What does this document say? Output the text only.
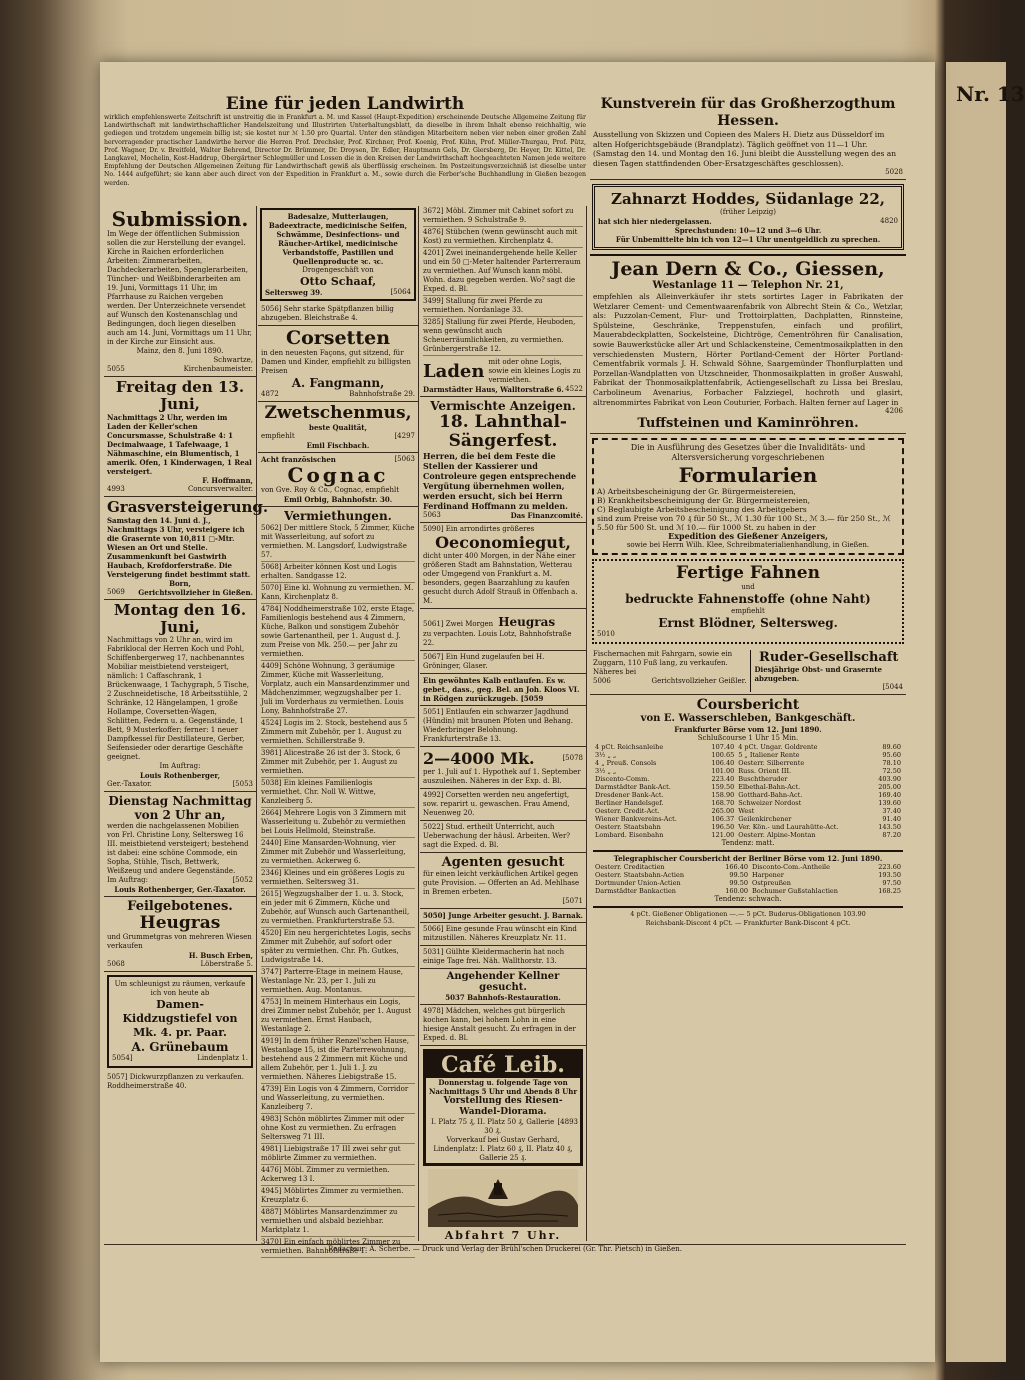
Nr. 13

Eine für jeden Landwirth

wirklich empfehlenswerte Zeitschrift ist unstreitig die in Frankfurt a. M. und Kassel (Haupt-Expedition) erscheinende Deutsche Allgemeine Zeitung für Landwirthschaft mit landwirthschaftlicher Handelszeitung und Illustrirten Unterhaltungsblatt, da dieselbe in ihrem Inhalt ebenso reichhaltig, wie gediegen und trotzdem ungemein billig ist; sie kostet nur ℳ 1.50 pro Quartal. Unter den ständigen Mitarbeitern neben vier neben einer großen Zahl hervorragender practischer Landwirthe hervor die Herren Prof. Drechsler, Prof. Kirchner, Prof. Koenig, Prof. Kühn, Prof. Müller-Thurgau, Prof. Pütz, Prof. Wagner, Dr. v. Breitfeld, Walter Behrend, Director Dr. Brümmer, Dr. Droysen, Dr. Edler, Hauptmann Gels, Dr. Giersberg, Dr. Heyer, Dr. Kittel, Dr. Langkavel, Mochelin, Kost-Haddrup, Obergärtner Schlegmüller und Lossen die in den Kreisen der Landwirthschaft hochgeachteten Namen jede weitere Empfehlung der Deutschen Allgemeinen Zeitung für Landwirthschaft gewiß als überflüssig erscheinen. Im Postzeitungsverzeichniß ist dieselbe unter No. 1444 aufgeführt; sie kann aber auch direct von der Expedition in Frankfurt a. M., sowie durch die Ferber'sche Buchhandlung in Gießen bezogen werden.

Submission.

Im Wege der öffentlichen Submission sollen die zur Herstellung der evangel. Kirche in Raichen erforderlichen Arbeiten: Zimmerarbeiten, Dachdeckerarbeiten, Spenglerarbeiten, Tüncher- und Weißbinderarbeiten am 19. Juni, Vormittags 11 Uhr, im Pfarrhause zu Raichen vergeben werden. Der Unterzeichnete versendet auf Wunsch den Kostenanschlag und Bedingungen, doch liegen dieselben auch am 14. Juni, Vormittags um 11 Uhr, in der Kirche zur Einsicht aus.

Mainz, den 8. Juni 1890.

Schwartze,

5055	Kirchenbaumeister.

Freitag den 13. Juni,

Nachmittags 2 Uhr, werden im Laden der Keller'schen Concursmasse, Schulstraße 4: 1 Decimalwaage, 1 Tafelwaage, 1 Nähmaschine, ein Blumentisch, 1 amerik. Ofen, 1 Kinderwagen, 1 Real versteigert.

F. Hoffmann,

4993	Concursverwalter.

Grasversteigerung.

Samstag den 14. Juni d. J., Nachmittags 3 Uhr, versteigere ich die Grasernte von 10,811 □-Mtr. Wiesen an Ort und Stelle. Zusammenkunft bei Gastwirth Haubach, Krofdorferstraße. Die Versteigerung findet bestimmt statt.

Born,

5069 Gerichtsvollzieher in Gießen.

Montag den 16. Juni,

Nachmittags von 2 Uhr an, wird im Fabriklocal der Herren Koch und Pohl, Schiffenbergerweg 17, nachbenanntes Mobiliar meistbietend versteigert, nämlich: 1 Caffaschrank, 1 Brückenwaage, 1 Tachygraph, 5 Tische, 2 Zuschneidetische, 18 Arbeitsstühle, 2 Schränke, 12 Hängelampen, 1 große Hollampe, Coversetten-Wagen, Schlitten, Federn u. a. Gegenstände, 1 Bett, 9 Musterkoffer; ferner: 1 neuer Dampfkessel für Destillateure, Gerber, Seifensieder oder derartige Geschäfte geeignet.

Im Auftrag:

Louis Rothenberger,

Ger.-Taxator.	[5053

Dienstag Nachmittag von 2 Uhr an,

werden die nachgelassenen Mobilien von Frl. Christine Lony, Seltersweg 16 III. meistbietend versteigert; bestehend ist dabei: eine schöne Commode, ein Sopha, Stühle, Tisch, Bettwerk, Weißzeug und andere Gegenstände.

Im Auftrag:	[5052

Louis Rothenberger, Ger.-Taxator.

Feilgebotenes.

Heugras

und Grummetgras von mehreren Wiesen verkaufen

H. Busch Erben,

5068	Löberstraße 5.

Um schleunigst zu räumen, verkaufe ich von heute ab

Damen-Kiddzugstiefel von Mk. 4. pr. Paar.

A. Grünebaum

5054]	Lindenplatz 1.

5057] Dickwurzpflanzen zu verkaufen. Roddheimerstraße 40.

Badesalze, Mutterlaugen, Badeextracte, medicinische Seifen, Schwämme, Desinfections- und Räucher-Artikel, medicinische Verbandstoffe, Pastillen und Quellenproducte ꝛc. ꝛc.

Drogengeschäft von

Otto Schaaf,

Seltersweg 39.	[5064

5056] Sehr starke Spätpflanzen billig abzugeben. Bleichstraße 4.

Corsetten

in den neuesten Façons, gut sitzend, für Damen und Kinder, empfiehlt zu billigsten Preisen

A. Fangmann,

4872	Bahnhofstraße 29.

Zwetschenmus,

beste Qualität,

empfiehlt	[4297

Emil Fischbach.

Acht französischen	[5063

Cognac

von Gve. Roy & Co., Cognac, empfiehlt

Emil Orbig, Bahnhofstr. 30.

Vermiethungen.

5062] Der mittlere Stock, 5 Zimmer, Küche mit Wasserleitung, auf sofort zu vermiethen. M. Langsdorf, Ludwigstraße 57.

5068] Arbeiter können Kost und Logis erhalten. Sandgasse 12.

5070] Eine kl. Wohnung zu vermiethen. M. Kann, Kirchenplatz 8.

4784] Noddheimerstraße 102, erste Etage, Familienlogis bestehend aus 4 Zimmern, Küche, Balkon und sonstigem Zubehör sowie Gartenantheil, per 1. August d. J. zum Preise von Mk. 250.— per Jahr zu vermiethen.

4409] Schöne Wohnung, 3 geräumige Zimmer, Küche mit Wasserleitung, Vorplatz, auch ein Mansardenzimmer und Mädchenzimmer, wegzugshalber per 1. Juli im Vorderhaus zu vermiethen. Louis Lony, Bahnhofstraße 27.

4524] Logis im 2. Stock, bestehend aus 5 Zimmern mit Zubehör, per 1. August zu vermiethen. Schillerstraße 9.

3981] Alicestraße 26 ist der 3. Stock, 6 Zimmer mit Zubehör, per 1. August zu vermiethen.

5038] Ein kleines Familienlogis vermiethet. Chr. Noll W. Wittwe, Kanzleiberg 5.

2664] Mehrere Logis von 3 Zimmern mit Wasserleitung u. Zubehör zu vermiethen bei Louis Hellmold, Steinstraße.

2440] Eine Mansarden-Wohnung, vier Zimmer mit Zubehör und Wasserleitung, zu vermiethen. Ackerweg 6.

2346] Kleines und ein größeres Logis zu vermiethen. Seltersweg 31.

2615] Wegzugshalber der 1. u. 3. Stock, ein jeder mit 6 Zimmern, Küche und Zubehör, auf Wunsch auch Gartenantheil, zu vermiethen. Frankfurterstraße 53.

4520] Ein neu hergerichtetes Logis, sechs Zimmer mit Zubehör, auf sofort oder später zu vermiethen. Chr. Ph. Gutkes, Ludwigstraße 14.

3747] Parterre-Etage in meinem Hause, Westanlage Nr. 23, per 1. Juli zu vermiethen. Aug. Montanus.

4753] In meinem Hinterhaus ein Logis, drei Zimmer nebst Zubehör, per 1. August zu vermiethen. Ernst Haubach, Westanlage 2.

4919] In dem früher Renzel'schen Hause, Westanlage 15, ist die Parterrewohnung, bestehend aus 2 Zimmern mit Küche und allem Zubehör, per 1. Juli 1. J. zu vermiethen. Näheres Liebigstraße 15.

4739] Ein Logis von 4 Zimmern, Corridor und Wasserleitung, zu vermiethen. Kanzleiberg 7.

4983] Schön möblirtes Zimmer mit oder ohne Kost zu vermiethen. Zu erfragen Seltersweg 71 III.

4981] Liebigstraße 17 III zwei sehr gut möblirte Zimmer zu vermiethen.

4476] Möbl. Zimmer zu vermiethen. Ackerweg 13 I.

4945] Möblirtes Zimmer zu vermiethen. Kreuzplatz 6.

4887] Möblirtes Mansardenzimmer zu vermiethen und alsbald beziehbar. Marktplatz 1.

3470] Ein einfach möblirtes Zimmer zu vermiethen. Bahnhofstraße 1.

3672] Möbl. Zimmer mit Cabinet sofort zu vermiethen. 9 Schulstraße 9.

4876] Stübchen (wenn gewünscht auch mit Kost) zu vermiethen. Kirchenplatz 4.

4201] Zwei ineinandergehende helle Keller und ein 50 □-Meter haltender Parterreraum zu vermiethen. Auf Wunsch kann möbl. Wohn. dazu gegeben werden. Wo? sagt die Exped. d. Bl.

3499] Stallung für zwei Pferde zu vermiethen. Nordanlage 33.

3285] Stallung für zwei Pferde, Heuboden, wenn gewünscht auch Scheuerräumlichkeiten, zu vermiethen. Grünbergerstraße 12.

Laden mit oder ohne Logis, sowie ein kleines Logis zu vermiethen.
Darmstädter Haus, Walltorstraße 6. 4522

Vermischte Anzeigen.

18. Lahnthal-Sängerfest.

Herren, die bei dem Feste die Stellen der Kassierer und Controleure gegen entsprechende Vergütung übernehmen wollen, werden ersucht, sich bei Herrn Ferdinand Hoffmann zu melden.

5063	Das Finanzcomité.

5090] Ein arrondirtes größeres

Oeconomiegut,

dicht unter 400 Morgen, in der Nähe einer größeren Stadt am Bahnstation, Wetterau oder Umgegend von Frankfurt a. M. besonders, gegen Baarzahlung zu kaufen gesucht durch Adolf Strauß in Offenbach a. M.

5061] Zwei Morgen Heugras

zu verpachten. Louis Lotz, Bahnhofstraße 22.

5067] Ein Hund zugelaufen bei H. Gröninger, Glaser.

Ein gewöhntes Kalb entlaufen. Es w. gebet., dass., geg. Bel. an Joh. Kloos VI. in Rödgen zurückzugeb. [5059

5051] Entlaufen ein schwarzer Jagdhund (Hündin) mit braunen Pfoten und Behang. Wiederbringer Belohnung. Frankfurterstraße 13.

2—4000 Mk.	[5078

per 1. Juli auf 1. Hypothek auf 1. September auszuleihen. Näheres in der Exp. d. Bl.

4992] Corsetten werden neu angefertigt, sow. reparirt u. gewaschen. Frau Amend, Neuenweg 20.

5022] Stud. ertheilt Unterricht, auch Ueberwachung der häusl. Arbeiten. Wer? sagt die Exped. d. Bl.

Agenten gesucht

für einen leicht verkäuflichen Artikel gegen gute Provision. — Offerten an Ad. Mehlhase in Bremen erbeten.

[5071

5050] Junge Arbeiter gesucht. J. Barnak.

5066] Eine gesunde Frau wünscht ein Kind mitzustillen. Näheres Kreuzplatz Nr. 11.

5031] Gülhte Kleidermacherin hat noch einige Tage frei. Näh. Wallthorstr. 13.

Angehender Kellner gesucht.

5037 Bahnhofs-Restauration.

4978] Mädchen, welches gut bürgerlich kochen kann, bei hohem Lohn in eine hiesige Anstalt gesucht. Zu erfragen in der Exped. d. Bl.

Café Leib.

Donnerstag u. folgende Tage von Nachmittags 5 Uhr und Abends 8 Uhr

Vorstellung des Riesen-Wandel-Diorama.

I. Platz 75 ₰, II. Platz 50 ₰, Gallerie 30 ₰.
[4893

Vorverkauf bei Gustav Gerhard, Lindenplatz: I. Platz 60 ₰, II. Platz 40 ₰, Gallerie 25 ₰.

Abfahrt 7 Uhr.

Kunstverein für das Großherzogthum Hessen.

Ausstellung von Skizzen und Copieen des Malers H. Dietz aus Düsseldorf im alten Hofgerichtsgebäude (Brandplatz). Täglich geöffnet von 11—1 Uhr. (Samstag den 14. und Montag den 16. Juni bleibt die Ausstellung wegen des an diesen Tagen stattfindenden Ober-Ersatzgeschäftes geschlossen).

5028

Zahnarzt Hoddes, Südanlage 22,

(früher Leipzig)

hat sich hier niedergelassen.	4820

Sprechstunden: 10—12 und 3—6 Uhr.

Für Unbemittelte bin ich von 12—1 Uhr unentgeldlich zu sprechen.

Jean Dern & Co., Giessen,

Westanlage 11 — Telephon Nr. 21,

empfehlen als Alleinverkäufer ihr stets sortirtes Lager in Fabrikaten der Wetzlarer Cement- und Cementwaarenfabrik von Albrecht Stein & Co., Wetzlar, als: Puzzolan-Cement, Flur- und Trottoirplatten, Dachplatten, Rinnsteine, Spülsteine, Geschränke, Treppenstufen, einfach und profilirt, Mauerabdeckplatten, Sockelsteine, Dichtröge, Cementröhren für Canalisation, sowie Bauwerkstücke aller Art und Schlackensteine, Cementmosaikplatten in den verschiedensten Mustern, Hörter Portland-Cement der Hörter Portland-Cementfabrik vormals J. H. Schwald Söhne, Saargemünder Thonflurplatten und Porzellan-Wandplatten von Utzschneider, Thonmosaikplatten in großer Auswahl, Fabrikat der Thonmosaikplattenfabrik, Actiengesellschaft zu Lissa bei Breslau, Carbolineum Avenarius, Forbacher Falzziegel, hochroth und glasirt, altrenommirtes Fabrikat von Leon Couturier, Forbach. Halten ferner auf Lager in

4206

Tuffsteinen und Kaminröhren.

Die in Ausführung des Gesetzes über die Invaliditäts- und Altersversicherung vorgeschriebenen

Formularien

A) Arbeitsbescheinigung der Gr. Bürgermeistereien,

B) Krankheitsbescheinigung der Gr. Bürgermeistereien,

C) Beglaubigte Arbeitsbescheinigung des Arbeitgebers

sind zum Preise von 70 ₰ für 50 St., ℳ 1.30 für 100 St., ℳ 3.— für 250 St., ℳ 5.50 für 500 St. und ℳ 10.— für 1000 St. zu haben in der

Expedition des Gießener Anzeigers,

sowie bei Herrn Wilh. Klee, Schreibmaterialienhandlung, in Gießen.

Fertige Fahnen

und

bedruckte Fahnenstoffe (ohne Naht)

empfiehlt

Ernst Blödner, Seltersweg.

5010

Fischernachen mit Fahrgarn, sowie ein Zuggarn, 110 Fuß lang, zu verkaufen. Näheres bei

5006	Gerichtsvollzieher Geißler.

Ruder-Gesellschaft

Diesjährige Obst- und Grasernte abzugeben.

[5044

Coursbericht

von E. Wasserschleben, Bankgeschäft.

Frankfurter Börse vom 12. Juni 1890.

Schlußcourse 1 Uhr 15 Min.

4 pCt. Reichsanleihe	107.40	4 pCt. Ungar. Goldrente	89.60
3½ „ „	100.65	5 „ Italiener Rente	95.60
4 „ Preuß. Consols	106.40	Oesterr. Silberrente	78.10
3½ „ „	101.00	Russ. Orient III.	72.50
Discento-Comm.	223.40	Buschtheruder	403.90
Darmstädter Bank-Act.	159.50	Elbethal-Bahn-Act.	205.00
Dresdener Bank-Act.	158.90	Gotthard-Bahn-Act.	169.40
Berliner Handelsgef.	168.70	Schweizer Nordost	139.60
Oesterr. Credit-Act.	265.00	West	37.40
Wiener Bankvereins-Act.	106.37	Geilenkirchener	91.40
Oesterr. Staatsbahn	196.50	Ver. Kön.- und Laurahütte-Act.	143.50
Lombard. Eisenbahn	121.00	Oesterr. Alpine-Montan	87.20

Tendenz: matt.

Telegraphischer Coursbericht der Berliner Börse vom 12. Juni 1890.

Oesterr. Creditactien	166.40	Disconto-Com.-Antheile	223.60
Oesterr. Staatsbahn-Actien	99.50	Harpener	193.50
Dortmunder Union-Actien	99.50	Ostpreußen	97.50
Darmstädter Bankactien	160.00	Bochumer Gußstahlactien	168.25

Tendenz: schwach.

4 pCt. Gießener Obligationen —.— 5 pCt. Buderus-Obligationen 103.90

Reichsbank-Discont 4 pCt. — Frankfurter Bank-Discont 4 pCt.

Redacteur: A. Scherbe. — Druck und Verlag der Brühl'schen Druckerei (Gr. Thr. Pietsch) in Gießen.
